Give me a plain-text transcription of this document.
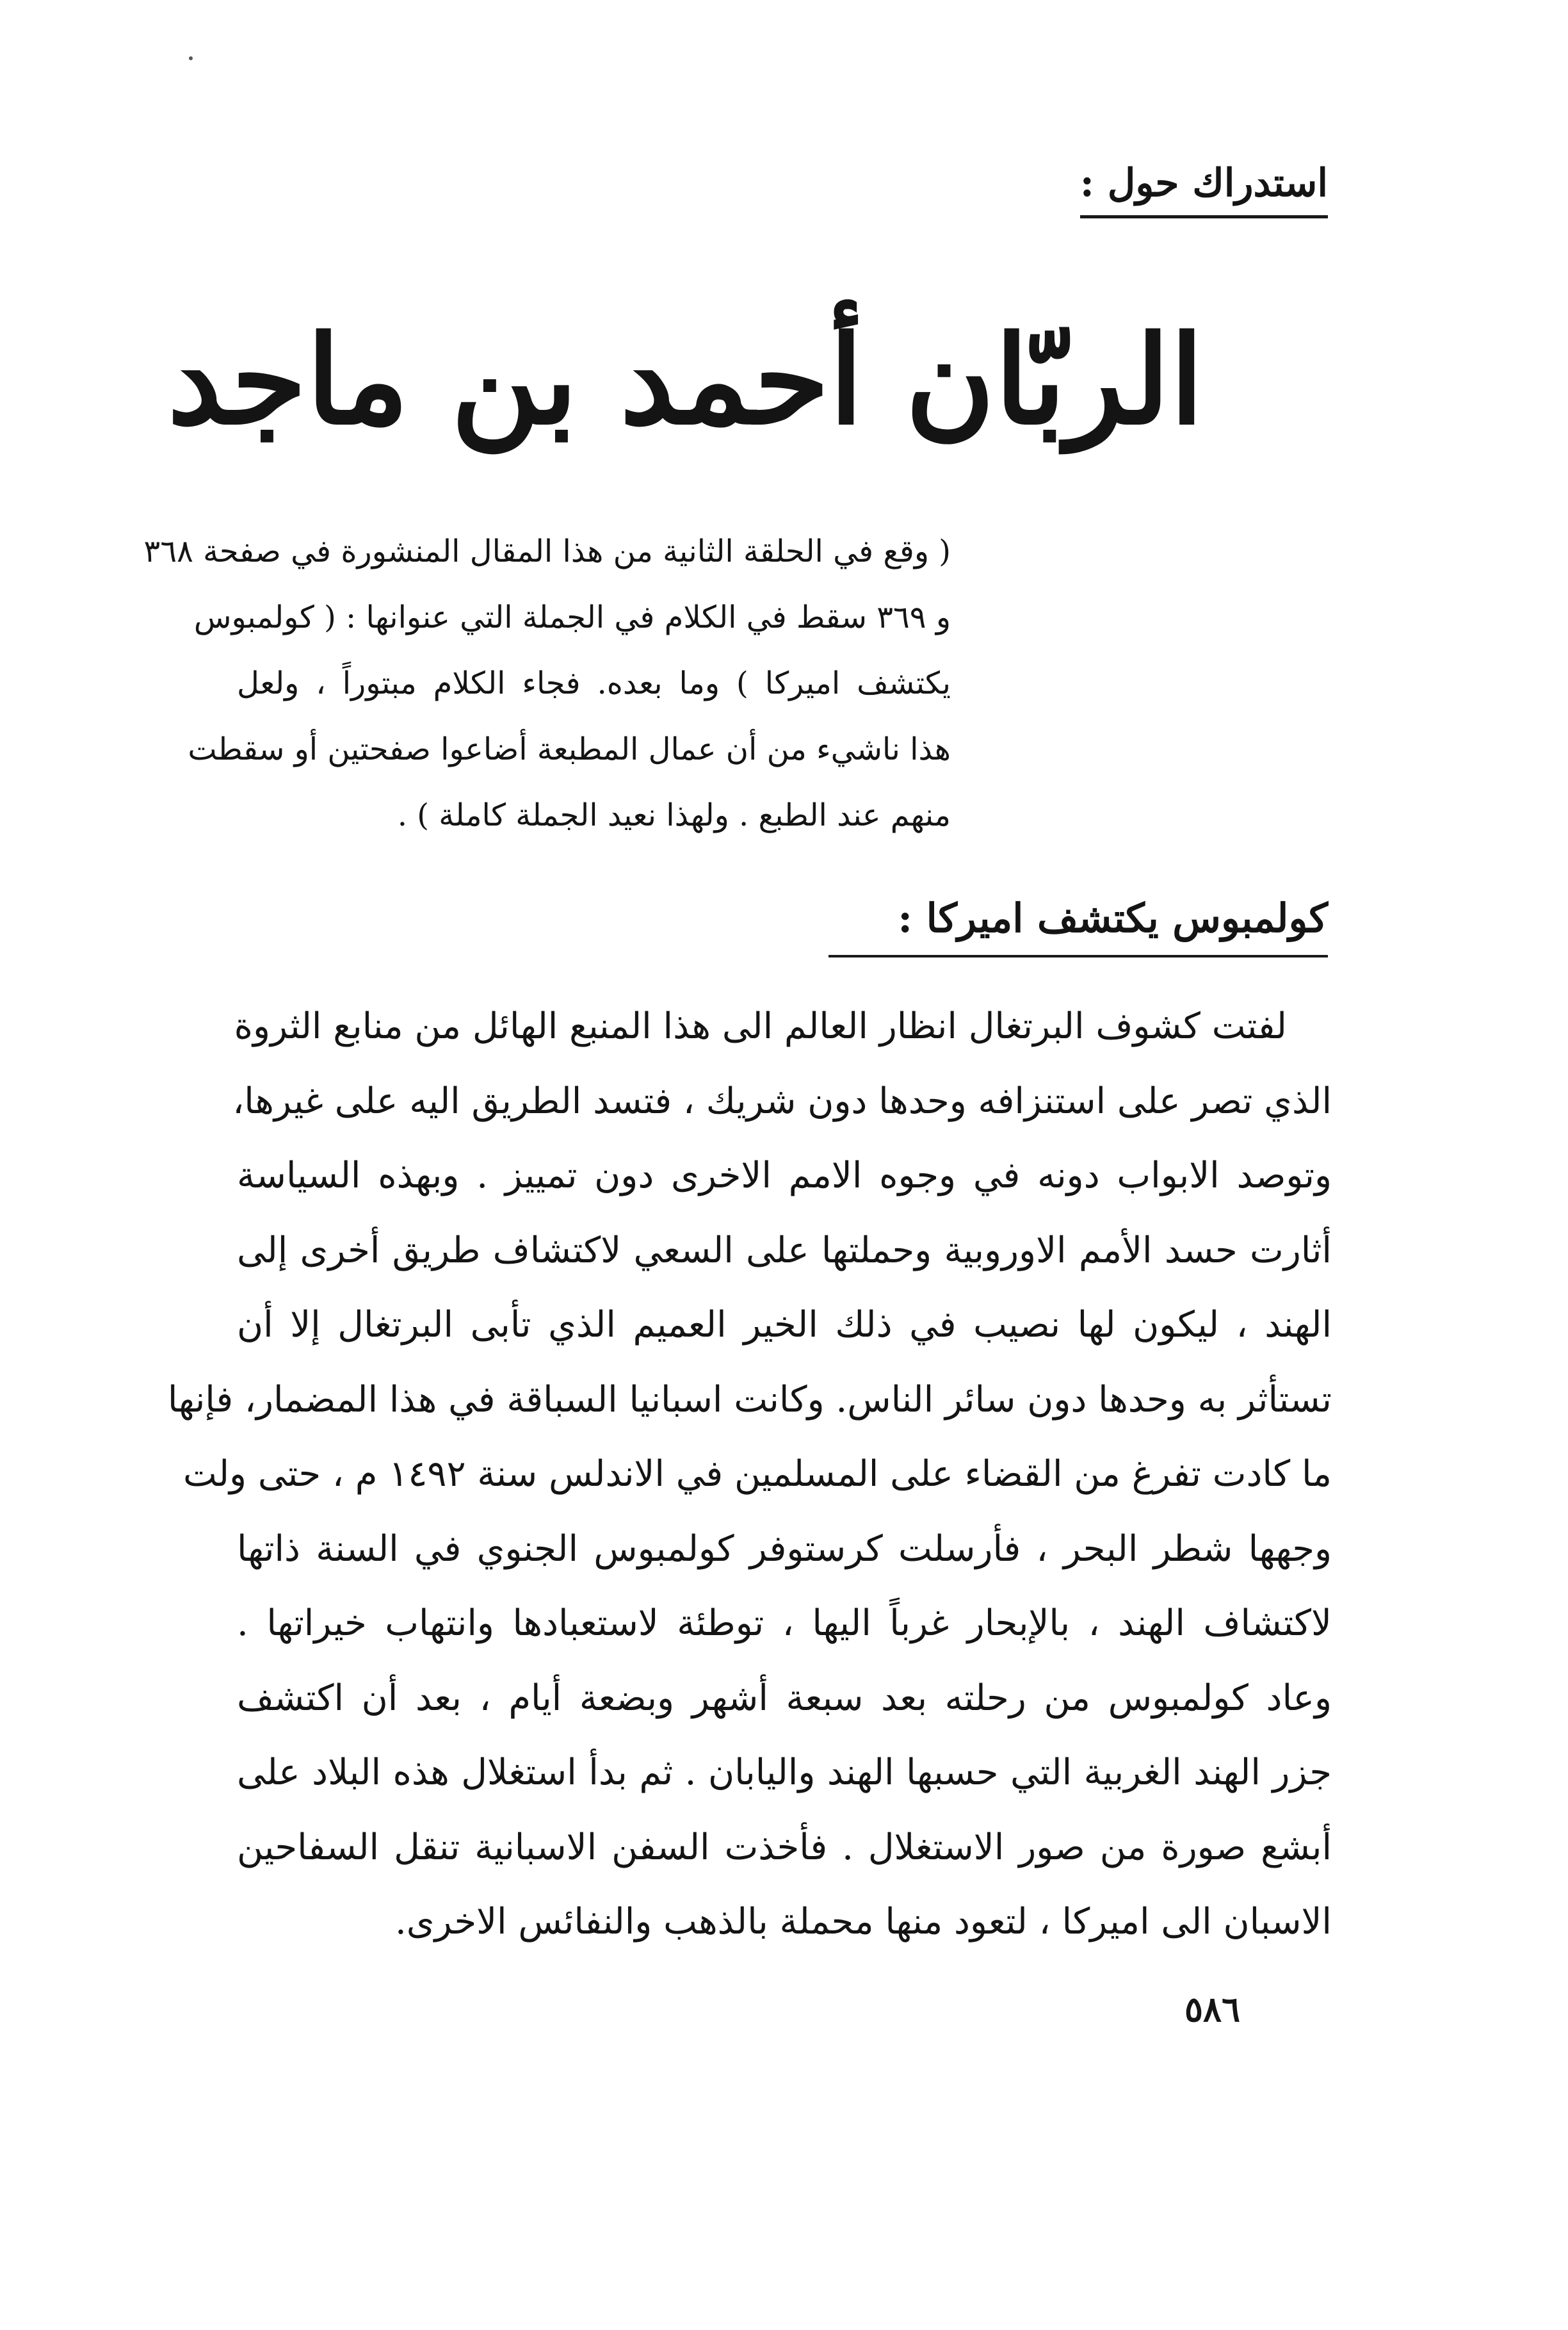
استدراك حول :
الربّان أحمد بن ماجد
( وقع في الحلقة الثانية من هذا المقال المنشورة في صفحة ٣٦٨
و ٣٦٩ سقط في الكلام في الجملة التي عنوانها : ( كولمبوس
يكتشف اميركا ) وما بعده. فجاء الكلام مبتوراً ، ولعل
هذا ناشيء من أن عمال المطبعة أضاعوا صفحتين أو سقطت
منهم عند الطبع . ولهذا نعيد الجملة كاملة ) .
كولمبوس يكتشف اميركا :
لفتت كشوف البرتغال انظار العالم الى هذا المنبع الهائل من منابع الثروة
الذي تصر على استنزافه وحدها دون شريك ، فتسد الطريق اليه على غيرها،
وتوصد الابواب دونه في وجوه الامم الاخرى دون تمييز . وبهذه السياسة
أثارت حسد الأمم الاوروبية وحملتها على السعي لاكتشاف طريق أخرى إلى
الهند ، ليكون لها نصيب في ذلك الخير العميم الذي تأبى البرتغال إلا أن
تستأثر به وحدها دون سائر الناس. وكانت اسبانيا السباقة في هذا المضمار، فإنها
ما كادت تفرغ من القضاء على المسلمين في الاندلس سنة ١٤٩٢ م ، حتى ولت
وجهها شطر البحر ، فأرسلت كرستوفر كولمبوس الجنوي في السنة ذاتها
لاكتشاف الهند ، بالإبحار غرباً اليها ، توطئة لاستعبادها وانتهاب خيراتها .
وعاد كولمبوس من رحلته بعد سبعة أشهر وبضعة أيام ، بعد أن اكتشف
جزر الهند الغربية التي حسبها الهند واليابان . ثم بدأ استغلال هذه البلاد على
أبشع صورة من صور الاستغلال . فأخذت السفن الاسبانية تنقل السفاحين
الاسبان الى اميركا ، لتعود منها محملة بالذهب والنفائس الاخرى.
٥٨٦
